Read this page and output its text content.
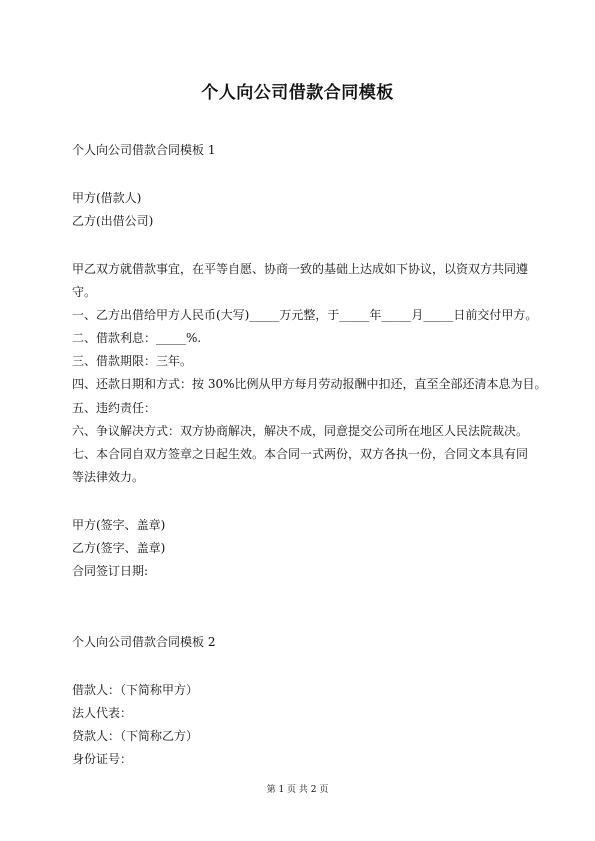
个人向公司借款合同模板
个人向公司借款合同模板 1
甲方(借款人)
乙方(出借公司)
甲乙双方就借款事宜，在平等自愿、协商一致的基础上达成如下协议，以资双方共同遵
守。
一、乙方出借给甲方人民币(大写)_____万元整，于_____年_____月_____日前交付甲方。
二、借款利息：_____%.
三、借款期限：三年。
四、还款日期和方式：按 30%比例从甲方每月劳动报酬中扣还，直至全部还清本息为目。
五、违约责任：
六、争议解决方式：双方协商解决，解决不成，同意提交公司所在地区人民法院裁决。
七、本合同自双方签章之日起生效。本合同一式两份，双方各执一份，合同文本具有同
等法律效力。
甲方(签字、盖章)
乙方(签字、盖章)
合同签订日期:
个人向公司借款合同模板 2
借款人：（下简称甲方）
法人代表：
贷款人：（下简称乙方）
身份证号：
第 1 页 共 2 页
